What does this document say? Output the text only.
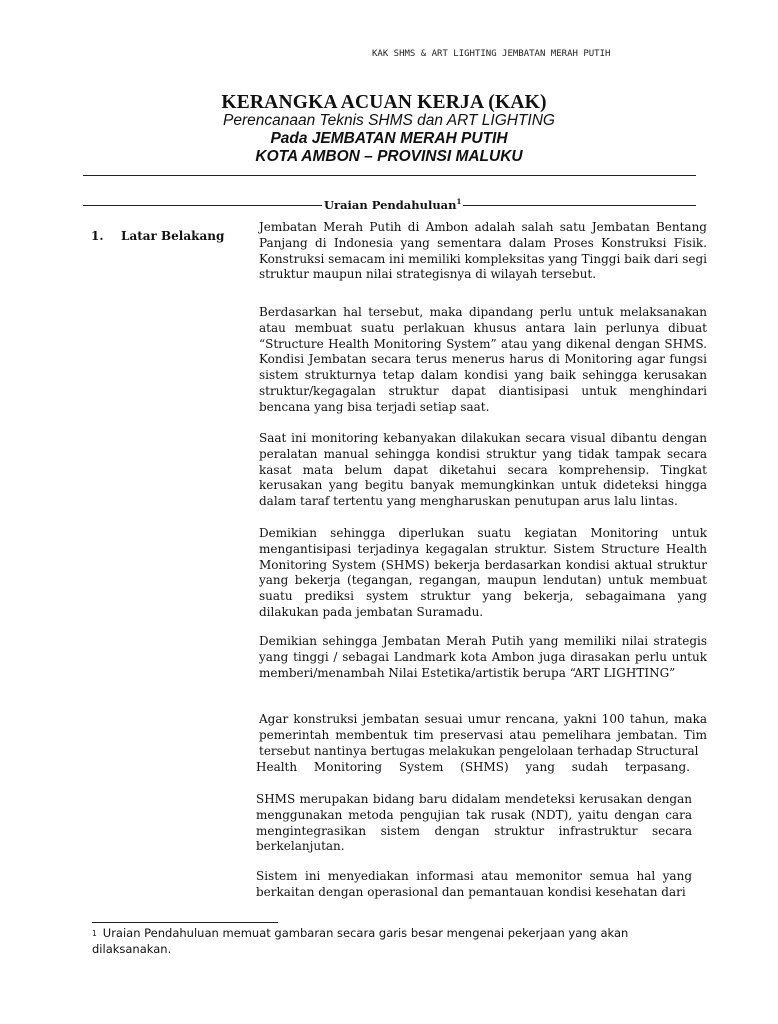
KAK SHMS & ART LIGHTING JEMBATAN MERAH PUTIH
KERANGKA ACUAN KERJA (KAK)
Perencanaan Teknis SHMS dan ART LIGHTING
Pada JEMBATAN MERAH PUTIH
KOTA AMBON – PROVINSI MALUKU
Uraian Pendahuluan$^1$
1. Latar Belakang
Jembatan Merah Putih di Ambon adalah salah satu Jembatan Bentang Panjang di Indonesia yang sementara dalam Proses Konstruksi Fisik. Konstruksi semacam ini memiliki kompleksitas yang Tinggi baik dari segi struktur maupun nilai strategisnya di wilayah tersebut.
Berdasarkan hal tersebut, maka dipandang perlu untuk melaksanakan atau membuat suatu perlakuan khusus antara lain perlunya dibuat “Structure Health Monitoring System” atau yang dikenal dengan SHMS. Kondisi Jembatan secara terus menerus harus di Monitoring agar fungsi sistem strukturnya tetap dalam kondisi yang baik sehingga kerusakan struktur/kegagalan struktur dapat diantisipasi untuk menghindari bencana yang bisa terjadi setiap saat.
Saat ini monitoring kebanyakan dilakukan secara visual dibantu dengan peralatan manual sehingga kondisi struktur yang tidak tampak secara kasat mata belum dapat diketahui secara komprehensip. Tingkat kerusakan yang begitu banyak memungkinkan untuk dideteksi hingga dalam taraf tertentu yang mengharuskan penutupan arus lalu lintas.
Demikian sehingga diperlukan suatu kegiatan Monitoring untuk mengantisipasi terjadinya kegagalan struktur. Sistem Structure Health Monitoring System (SHMS) bekerja berdasarkan kondisi aktual struktur yang bekerja (tegangan, regangan, maupun lendutan) untuk membuat suatu prediksi system struktur yang bekerja, sebagaimana yang dilakukan pada jembatan Suramadu.
Demikian sehingga Jembatan Merah Putih yang memiliki nilai strategis yang tinggi / sebagai Landmark kota Ambon juga dirasakan perlu untuk memberi/menambah Nilai Estetika/artistik berupa “ART LIGHTING”
Agar konstruksi jembatan sesuai umur rencana, yakni 100 tahun, maka pemerintah membentuk tim preservasi atau pemelihara jembatan. Tim tersebut nantinya bertugas melakukan pengelolaan terhadap Structural
Health Monitoring System (SHMS) yang sudah terpasang.
SHMS merupakan bidang baru didalam mendeteksi kerusakan dengan menggunakan metoda pengujian tak rusak (NDT), yaitu dengan cara mengintegrasikan sistem dengan struktur infrastruktur secara berkelanjutan.
Sistem ini menyediakan informasi atau memonitor semua hal yang berkaitan dengan operasional dan pemantauan kondisi kesehatan dari
$^1$ Uraian Pendahuluan memuat gambaran secara garis besar mengenai pekerjaan yang akan dilaksanakan.
